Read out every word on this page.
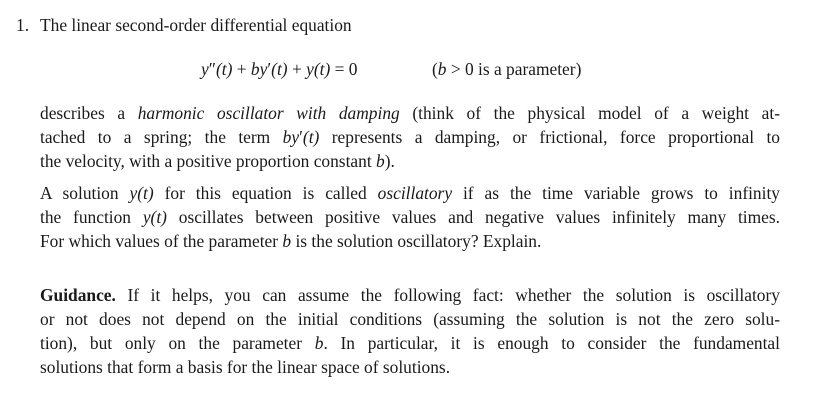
1. The linear second-order differential equation
y″(t) + by′(t) + y(t) = 0	(b > 0 is a parameter)
describes a harmonic oscillator with damping (think of the physical model of a weight at-
tached to a spring; the term by′(t) represents a damping, or frictional, force proportional to
the velocity, with a positive proportion constant b).
A solution y(t) for this equation is called oscillatory if as the time variable grows to infinity
the function y(t) oscillates between positive values and negative values infinitely many times.
For which values of the parameter b is the solution oscillatory? Explain.
Guidance. If it helps, you can assume the following fact: whether the solution is oscillatory
or not does not depend on the initial conditions (assuming the solution is not the zero solu-
tion), but only on the parameter b. In particular, it is enough to consider the fundamental
solutions that form a basis for the linear space of solutions.
